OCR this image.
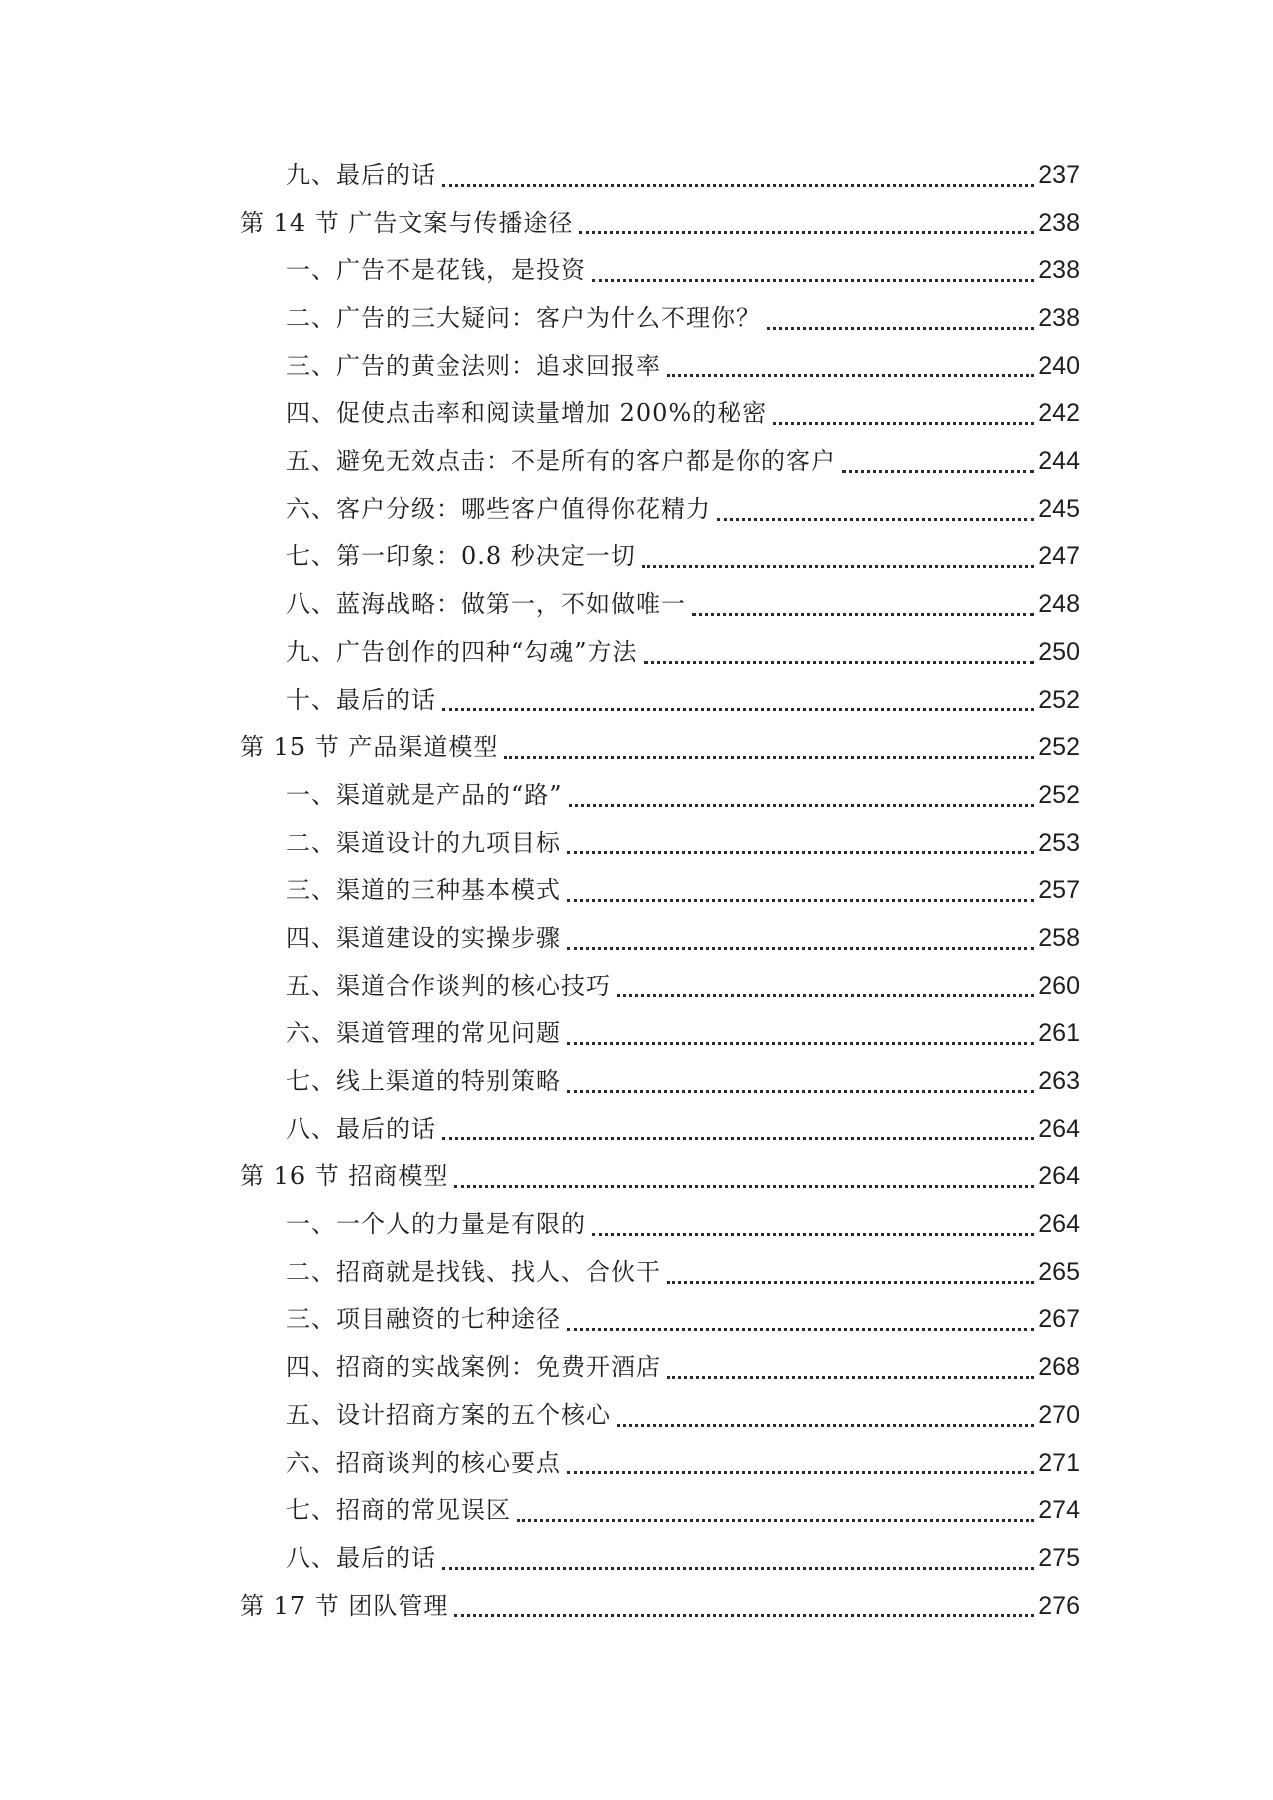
九、最后的话	237
第 14 节 广告文案与传播途径	238
一、广告不是花钱，是投资	238
二、广告的三大疑问：客户为什么不理你？	238
三、广告的黄金法则：追求回报率	240
四、促使点击率和阅读量增加 200%的秘密	242
五、避免无效点击：不是所有的客户都是你的客户	244
六、客户分级：哪些客户值得你花精力	245
七、第一印象：0.8 秒决定一切	247
八、蓝海战略：做第一，不如做唯一	248
九、广告创作的四种“勾魂”方法	250
十、最后的话	252
第 15 节 产品渠道模型	252
一、渠道就是产品的“路”	252
二、渠道设计的九项目标	253
三、渠道的三种基本模式	257
四、渠道建设的实操步骤	258
五、渠道合作谈判的核心技巧	260
六、渠道管理的常见问题	261
七、线上渠道的特别策略	263
八、最后的话	264
第 16 节 招商模型	264
一、一个人的力量是有限的	264
二、招商就是找钱、找人、合伙干	265
三、项目融资的七种途径	267
四、招商的实战案例：免费开酒店	268
五、设计招商方案的五个核心	270
六、招商谈判的核心要点	271
七、招商的常见误区	274
八、最后的话	275
第 17 节 团队管理	276
